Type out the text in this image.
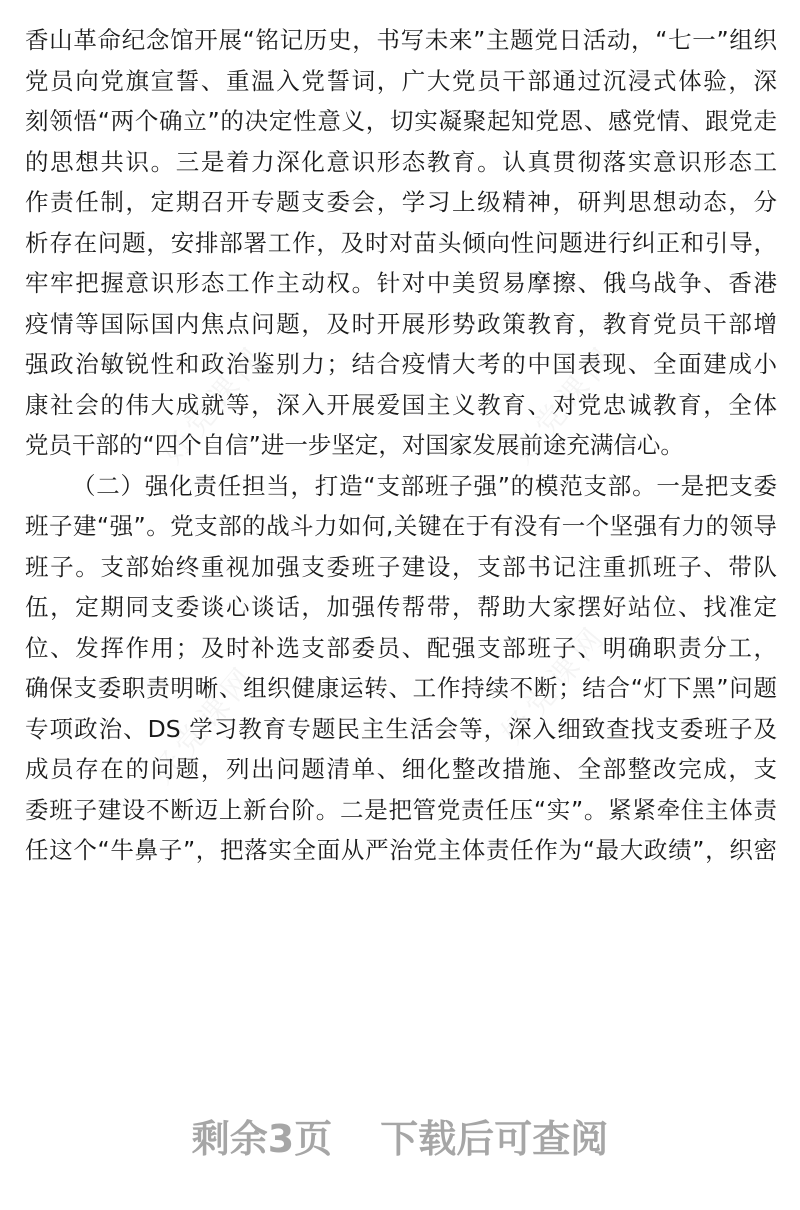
好党课网	好党课网
好党课网	好党课网
香山革命纪念馆开展“铭记历史，书写未来”主题党日活动，“七一”组织
党员向党旗宣誓、重温入党誓词，广大党员干部通过沉浸式体验，深
刻领悟“两个确立”的决定性意义，切实凝聚起知党恩、感党情、跟党走
的思想共识。三是着力深化意识形态教育。认真贯彻落实意识形态工
作责任制，定期召开专题支委会，学习上级精神，研判思想动态，分
析存在问题，安排部署工作，及时对苗头倾向性问题进行纠正和引导，
牢牢把握意识形态工作主动权。针对中美贸易摩擦、俄乌战争、香港
疫情等国际国内焦点问题，及时开展形势政策教育，教育党员干部增
强政治敏锐性和政治鉴别力；结合疫情大考的中国表现、全面建成小
康社会的伟大成就等，深入开展爱国主义教育、对党忠诚教育，全体
党员干部的“四个自信”进一步坚定，对国家发展前途充满信心。
（二）强化责任担当，打造“支部班子强”的模范支部。一是把支委
班子建“强”。党支部的战斗力如何,关键在于有没有一个坚强有力的领导
班子。支部始终重视加强支委班子建设，支部书记注重抓班子、带队
伍，定期同支委谈心谈话，加强传帮带，帮助大家摆好站位、找准定
位、发挥作用；及时补选支部委员、配强支部班子、明确职责分工，
确保支委职责明晰、组织健康运转、工作持续不断；结合“灯下黑”问题
专项政治、DS 学习教育专题民主生活会等，深入细致查找支委班子及
成员存在的问题，列出问题清单、细化整改措施、全部整改完成，支
委班子建设不断迈上新台阶。二是把管党责任压“实”。紧紧牵住主体责
任这个“牛鼻子”，把落实全面从严治党主体责任作为“最大政绩”，织密
剩余3页 下载后可查阅
